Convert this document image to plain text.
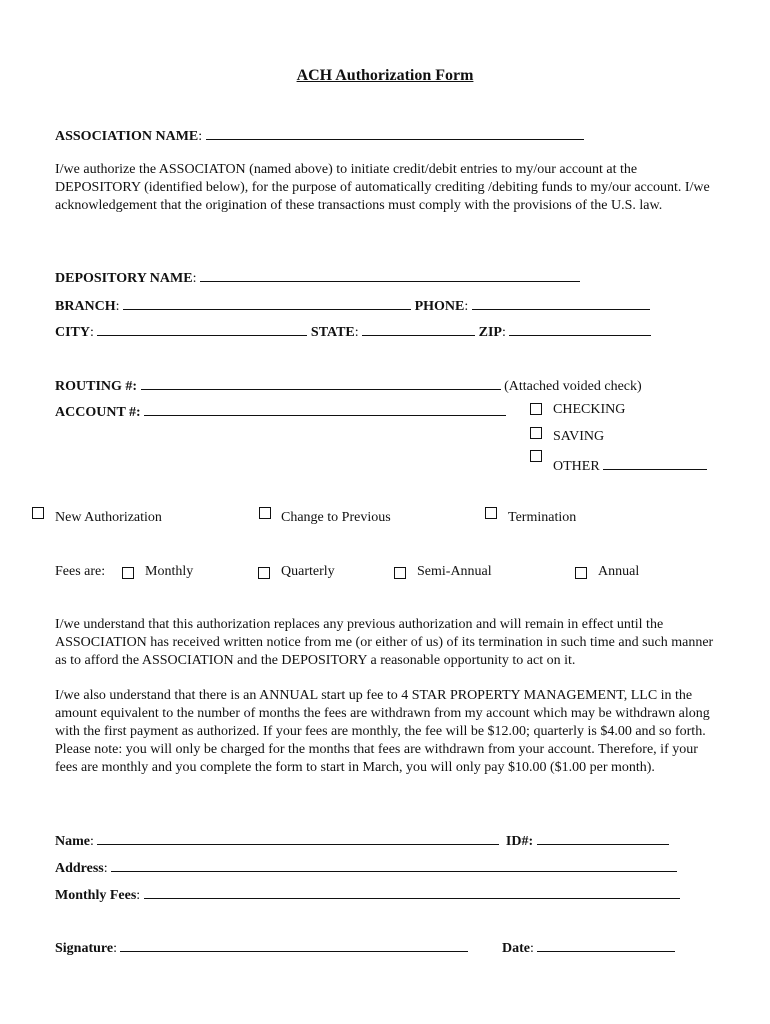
ACH Authorization Form
ASSOCIATION NAME:
I/we authorize the ASSOCIATON (named above) to initiate credit/debit entries to my/our account at the DEPOSITORY (identified below), for the purpose of automatically crediting /debiting funds to my/our account. I/we acknowledgement that the origination of these transactions must comply with the provisions of the U.S. law.
DEPOSITORY NAME:
BRANCH:	PHONE:
CITY:	STATE:	ZIP:
ROUTING #:	(Attached voided check)
ACCOUNT #:	CHECKING
SAVING
OTHER
New Authorization	Change to Previous	Termination
Fees are:	Monthly	Quarterly	Semi-Annual	Annual
I/we understand that this authorization replaces any previous authorization and will remain in effect until the ASSOCIATION has received written notice from me (or either of us) of its termination in such time and such manner as to afford the ASSOCIATION and the DEPOSITORY a reasonable opportunity to act on it.
I/we also understand that there is an ANNUAL start up fee to 4 STAR PROPERTY MANAGEMENT, LLC in the amount equivalent to the number of months the fees are withdrawn from my account which may be withdrawn along with the first payment as authorized. If your fees are monthly, the fee will be $12.00; quarterly is $4.00 and so forth. Please note: you will only be charged for the months that fees are withdrawn from your account. Therefore, if your fees are monthly and you complete the form to start in March, you will only pay $10.00 ($1.00 per month).
Name:	ID#:
Address:
Monthly Fees:
Signature:	Date:
